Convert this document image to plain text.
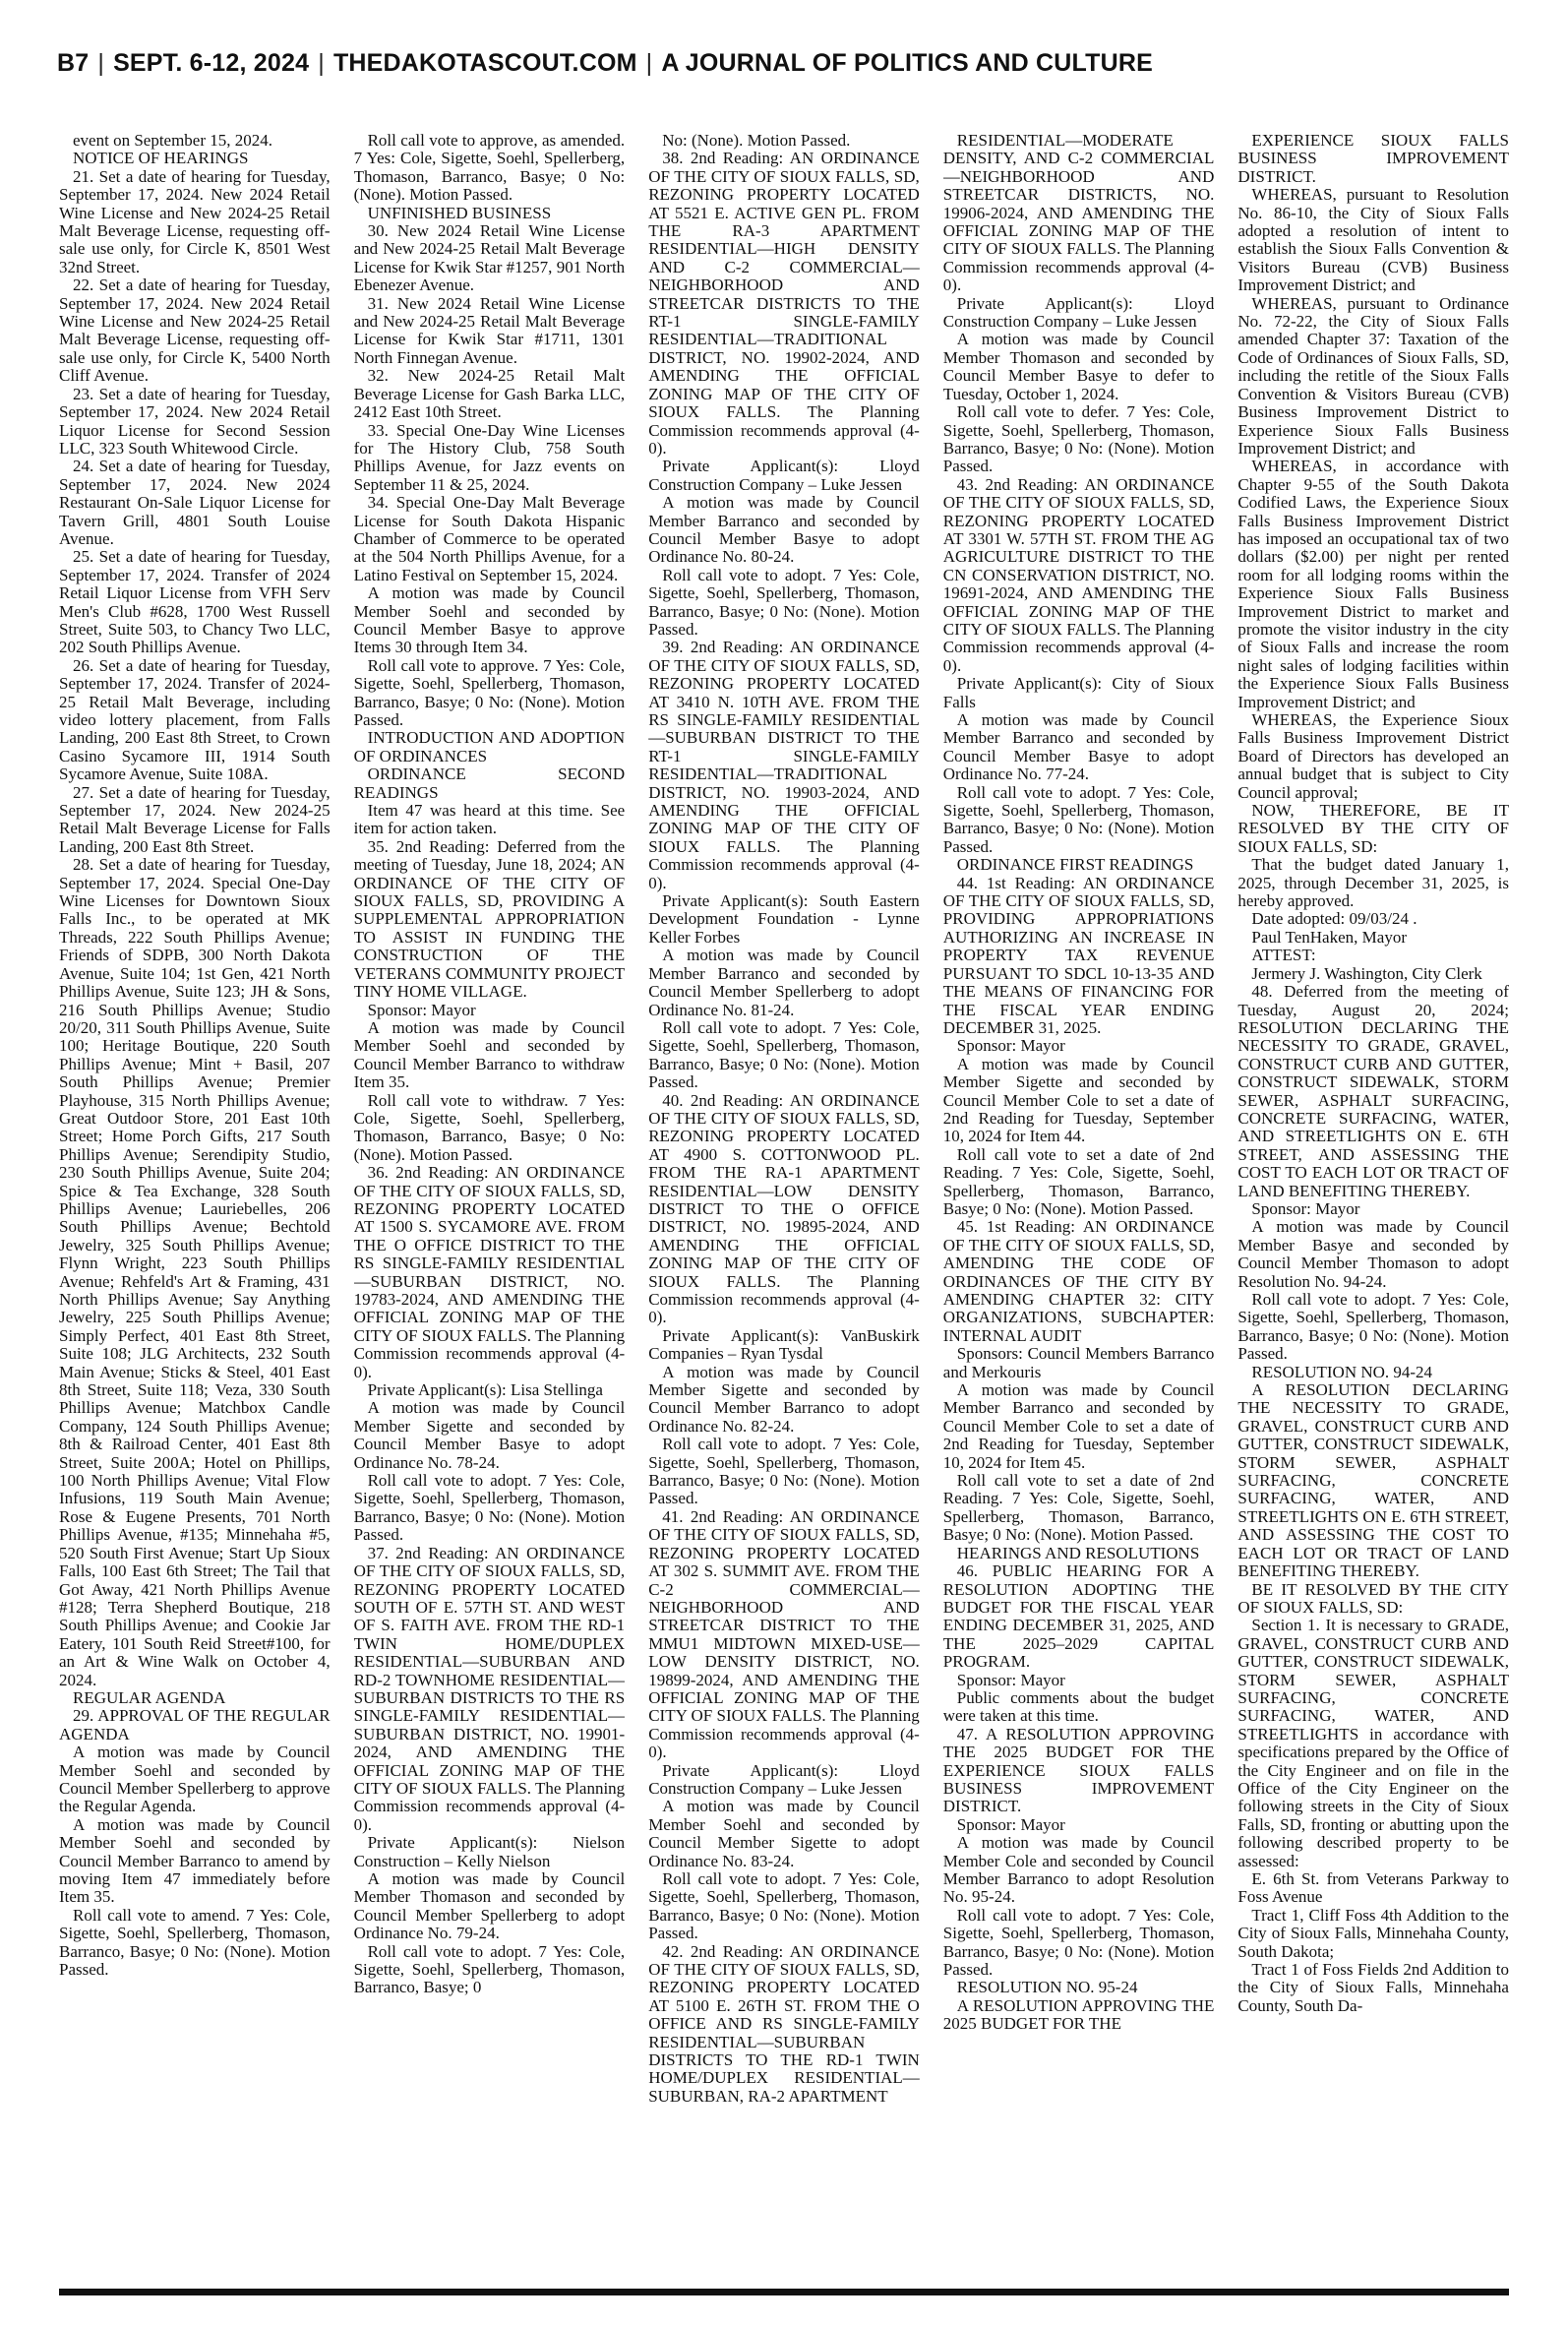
B7 | SEPT. 6-12, 2024 | THEDAKOTASCOUT.COM | A JOURNAL OF POLITICS AND CULTURE

event on September 15, 2024.

NOTICE OF HEARINGS

21. Set a date of hearing for Tuesday, September 17, 2024. New 2024 Retail Wine License and New 2024-25 Retail Malt Beverage License, requesting off-sale use only, for Circle K, 8501 West 32nd Street.

22. Set a date of hearing for Tuesday, September 17, 2024. New 2024 Retail Wine License and New 2024-25 Retail Malt Beverage License, requesting off-sale use only, for Circle K, 5400 North Cliff Avenue.

23. Set a date of hearing for Tuesday, September 17, 2024. New 2024 Retail Liquor License for Second Session LLC, 323 South Whitewood Circle.

24. Set a date of hearing for Tuesday, September 17, 2024. New 2024 Restaurant On-Sale Liquor License for Tavern Grill, 4801 South Louise Avenue.

25. Set a date of hearing for Tuesday, September 17, 2024. Transfer of 2024 Retail Liquor License from VFH Serv Men's Club #628, 1700 West Russell Street, Suite 503, to Chancy Two LLC, 202 South Phillips Avenue.

26. Set a date of hearing for Tuesday, September 17, 2024. Transfer of 2024-25 Retail Malt Beverage, including video lottery placement, from Falls Landing, 200 East 8th Street, to Crown Casino Sycamore III, 1914 South Sycamore Avenue, Suite 108A.

27. Set a date of hearing for Tuesday, September 17, 2024. New 2024-25 Retail Malt Beverage License for Falls Landing, 200 East 8th Street.

28. Set a date of hearing for Tuesday, September 17, 2024. Special One-Day Wine Licenses for Downtown Sioux Falls Inc., to be operated at MK Threads, 222 South Phillips Avenue; Friends of SDPB, 300 North Dakota Avenue, Suite 104; 1st Gen, 421 North Phillips Avenue, Suite 123; JH & Sons, 216 South Phillips Avenue; Studio 20/20, 311 South Phillips Avenue, Suite 100; Heritage Boutique, 220 South Phillips Avenue; Mint + Basil, 207 South Phillips Avenue; Premier Playhouse, 315 North Phillips Avenue; Great Outdoor Store, 201 East 10th Street; Home Porch Gifts, 217 South Phillips Avenue; Serendipity Studio, 230 South Phillips Avenue, Suite 204; Spice & Tea Exchange, 328 South Phillips Avenue; Lauriebelles, 206 South Phillips Avenue; Bechtold Jewelry, 325 South Phillips Avenue; Flynn Wright, 223 South Phillips Avenue; Rehfeld's Art & Framing, 431 North Phillips Avenue; Say Anything Jewelry, 225 South Phillips Avenue; Simply Perfect, 401 East 8th Street, Suite 108; JLG Architects, 232 South Main Avenue; Sticks & Steel, 401 East 8th Street, Suite 118; Veza, 330 South Phillips Avenue; Matchbox Candle Company, 124 South Phillips Avenue; 8th & Railroad Center, 401 East 8th Street, Suite 200A; Hotel on Phillips, 100 North Phillips Avenue; Vital Flow Infusions, 119 South Main Avenue; Rose & Eugene Presents, 701 North Phillips Avenue, #135; Minnehaha #5, 520 South First Avenue; Start Up Sioux Falls, 100 East 6th Street; The Tail that Got Away, 421 North Phillips Avenue #128; Terra Shepherd Boutique, 218 South Phillips Avenue; and Cookie Jar Eatery, 101 South Reid Street#100, for an Art & Wine Walk on October 4, 2024.

REGULAR AGENDA

29. APPROVAL OF THE REGULAR AGENDA

A motion was made by Council Member Soehl and seconded by Council Member Spellerberg to approve the Regular Agenda.

A motion was made by Council Member Soehl and seconded by Council Member Barranco to amend by moving Item 47 immediately before Item 35.

Roll call vote to amend. 7 Yes: Cole, Sigette, Soehl, Spellerberg, Thomason, Barranco, Basye; 0 No: (None). Motion Passed.

Roll call vote to approve, as amended. 7 Yes: Cole, Sigette, Soehl, Spellerberg, Thomason, Barranco, Basye; 0 No: (None). Motion Passed.

UNFINISHED BUSINESS

30. New 2024 Retail Wine License and New 2024-25 Retail Malt Beverage License for Kwik Star #1257, 901 North Ebenezer Avenue.

31. New 2024 Retail Wine License and New 2024-25 Retail Malt Beverage License for Kwik Star #1711, 1301 North Finnegan Avenue.

32. New 2024-25 Retail Malt Beverage License for Gash Barka LLC, 2412 East 10th Street.

33. Special One-Day Wine Licenses for The History Club, 758 South Phillips Avenue, for Jazz events on September 11 & 25, 2024.

34. Special One-Day Malt Beverage License for South Dakota Hispanic Chamber of Commerce to be operated at the 504 North Phillips Avenue, for a Latino Festival on September 15, 2024.

A motion was made by Council Member Soehl and seconded by Council Member Basye to approve Items 30 through Item 34.

Roll call vote to approve. 7 Yes: Cole, Sigette, Soehl, Spellerberg, Thomason, Barranco, Basye; 0 No: (None). Motion Passed.

INTRODUCTION AND ADOPTION OF ORDINANCES

ORDINANCE SECOND READINGS

Item 47 was heard at this time. See item for action taken.

35. 2nd Reading: Deferred from the meeting of Tuesday, June 18, 2024; AN ORDINANCE OF THE CITY OF SIOUX FALLS, SD, PROVIDING A SUPPLEMENTAL APPROPRIATION TO ASSIST IN FUNDING THE CONSTRUCTION OF THE VETERANS COMMUNITY PROJECT TINY HOME VILLAGE.

Sponsor: Mayor

A motion was made by Council Member Soehl and seconded by Council Member Barranco to withdraw Item 35.

Roll call vote to withdraw. 7 Yes: Cole, Sigette, Soehl, Spellerberg, Thomason, Barranco, Basye; 0 No: (None). Motion Passed.

36. 2nd Reading: AN ORDINANCE OF THE CITY OF SIOUX FALLS, SD, REZONING PROPERTY LOCATED AT 1500 S. SYCAMORE AVE. FROM THE O OFFICE DISTRICT TO THE RS SINGLE-FAMILY RESIDENTIAL—SUBURBAN DISTRICT, NO. 19783-2024, AND AMENDING THE OFFICIAL ZONING MAP OF THE CITY OF SIOUX FALLS. The Planning Commission recommends approval (4-0).

Private Applicant(s): Lisa Stellinga

A motion was made by Council Member Sigette and seconded by Council Member Basye to adopt Ordinance No. 78-24.

Roll call vote to adopt. 7 Yes: Cole, Sigette, Soehl, Spellerberg, Thomason, Barranco, Basye; 0 No: (None). Motion Passed.

37. 2nd Reading: AN ORDINANCE OF THE CITY OF SIOUX FALLS, SD, REZONING PROPERTY LOCATED SOUTH OF E. 57TH ST. AND WEST OF S. FAITH AVE. FROM THE RD-1 TWIN HOME/DUPLEX RESIDENTIAL—SUBURBAN AND RD-2 TOWNHOME RESIDENTIAL—SUBURBAN DISTRICTS TO THE RS SINGLE-FAMILY RESIDENTIAL—SUBURBAN DISTRICT, NO. 19901-2024, AND AMENDING THE OFFICIAL ZONING MAP OF THE CITY OF SIOUX FALLS. The Planning Commission recommends approval (4-0).

Private Applicant(s): Nielson Construction – Kelly Nielson

A motion was made by Council Member Thomason and seconded by Council Member Spellerberg to adopt Ordinance No. 79-24.

Roll call vote to adopt. 7 Yes: Cole, Sigette, Soehl, Spellerberg, Thomason, Barranco, Basye; 0

No: (None). Motion Passed.

38. 2nd Reading: AN ORDINANCE OF THE CITY OF SIOUX FALLS, SD, REZONING PROPERTY LOCATED AT 5521 E. ACTIVE GEN PL. FROM THE RA-3 APARTMENT RESIDENTIAL—HIGH DENSITY AND C-2 COMMERCIAL—NEIGHBORHOOD AND STREETCAR DISTRICTS TO THE RT-1 SINGLE-FAMILY RESIDENTIAL—TRADITIONAL DISTRICT, NO. 19902-2024, AND AMENDING THE OFFICIAL ZONING MAP OF THE CITY OF SIOUX FALLS. The Planning Commission recommends approval (4-0).

Private Applicant(s): Lloyd Construction Company – Luke Jessen

A motion was made by Council Member Barranco and seconded by Council Member Basye to adopt Ordinance No. 80-24.

Roll call vote to adopt. 7 Yes: Cole, Sigette, Soehl, Spellerberg, Thomason, Barranco, Basye; 0 No: (None). Motion Passed.

39. 2nd Reading: AN ORDINANCE OF THE CITY OF SIOUX FALLS, SD, REZONING PROPERTY LOCATED AT 3410 N. 10TH AVE. FROM THE RS SINGLE-FAMILY RESIDENTIAL—SUBURBAN DISTRICT TO THE RT-1 SINGLE-FAMILY RESIDENTIAL—TRADITIONAL DISTRICT, NO. 19903-2024, AND AMENDING THE OFFICIAL ZONING MAP OF THE CITY OF SIOUX FALLS. The Planning Commission recommends approval (4-0).

Private Applicant(s): South Eastern Development Foundation - Lynne Keller Forbes

A motion was made by Council Member Barranco and seconded by Council Member Spellerberg to adopt Ordinance No. 81-24.

Roll call vote to adopt. 7 Yes: Cole, Sigette, Soehl, Spellerberg, Thomason, Barranco, Basye; 0 No: (None). Motion Passed.

40. 2nd Reading: AN ORDINANCE OF THE CITY OF SIOUX FALLS, SD, REZONING PROPERTY LOCATED AT 4900 S. COTTONWOOD PL. FROM THE RA-1 APARTMENT RESIDENTIAL—LOW DENSITY DISTRICT TO THE O OFFICE DISTRICT, NO. 19895-2024, AND AMENDING THE OFFICIAL ZONING MAP OF THE CITY OF SIOUX FALLS. The Planning Commission recommends approval (4-0).

Private Applicant(s): VanBuskirk Companies – Ryan Tysdal

A motion was made by Council Member Sigette and seconded by Council Member Barranco to adopt Ordinance No. 82-24.

Roll call vote to adopt. 7 Yes: Cole, Sigette, Soehl, Spellerberg, Thomason, Barranco, Basye; 0 No: (None). Motion Passed.

41. 2nd Reading: AN ORDINANCE OF THE CITY OF SIOUX FALLS, SD, REZONING PROPERTY LOCATED AT 302 S. SUMMIT AVE. FROM THE C-2 COMMERCIAL—NEIGHBORHOOD AND STREETCAR DISTRICT TO THE MMU1 MIDTOWN MIXED-USE—LOW DENSITY DISTRICT, NO. 19899-2024, AND AMENDING THE OFFICIAL ZONING MAP OF THE CITY OF SIOUX FALLS. The Planning Commission recommends approval (4-0).

Private Applicant(s): Lloyd Construction Company – Luke Jessen

A motion was made by Council Member Soehl and seconded by Council Member Sigette to adopt Ordinance No. 83-24.

Roll call vote to adopt. 7 Yes: Cole, Sigette, Soehl, Spellerberg, Thomason, Barranco, Basye; 0 No: (None). Motion Passed.

42. 2nd Reading: AN ORDINANCE OF THE CITY OF SIOUX FALLS, SD, REZONING PROPERTY LOCATED AT 5100 E. 26TH ST. FROM THE O OFFICE AND RS SINGLE-FAMILY RESIDENTIAL—SUBURBAN DISTRICTS TO THE RD-1 TWIN HOME/DUPLEX RESIDENTIAL—SUBURBAN, RA-2 APARTMENT

RESIDENTIAL—MODERATE DENSITY, AND C-2 COMMERCIAL—NEIGHBORHOOD AND STREETCAR DISTRICTS, NO. 19906-2024, AND AMENDING THE OFFICIAL ZONING MAP OF THE CITY OF SIOUX FALLS. The Planning Commission recommends approval (4-0).

Private Applicant(s): Lloyd Construction Company – Luke Jessen

A motion was made by Council Member Thomason and seconded by Council Member Basye to defer to Tuesday, October 1, 2024.

Roll call vote to defer. 7 Yes: Cole, Sigette, Soehl, Spellerberg, Thomason, Barranco, Basye; 0 No: (None). Motion Passed.

43. 2nd Reading: AN ORDINANCE OF THE CITY OF SIOUX FALLS, SD, REZONING PROPERTY LOCATED AT 3301 W. 57TH ST. FROM THE AG AGRICULTURE DISTRICT TO THE CN CONSERVATION DISTRICT, NO. 19691-2024, AND AMENDING THE OFFICIAL ZONING MAP OF THE CITY OF SIOUX FALLS. The Planning Commission recommends approval (4-0).

Private Applicant(s): City of Sioux Falls

A motion was made by Council Member Barranco and seconded by Council Member Basye to adopt Ordinance No. 77-24.

Roll call vote to adopt. 7 Yes: Cole, Sigette, Soehl, Spellerberg, Thomason, Barranco, Basye; 0 No: (None). Motion Passed.

ORDINANCE FIRST READINGS

44. 1st Reading: AN ORDINANCE OF THE CITY OF SIOUX FALLS, SD, PROVIDING APPROPRIATIONS AUTHORIZING AN INCREASE IN PROPERTY TAX REVENUE PURSUANT TO SDCL 10-13-35 AND THE MEANS OF FINANCING FOR THE FISCAL YEAR ENDING DECEMBER 31, 2025.

Sponsor: Mayor

A motion was made by Council Member Sigette and seconded by Council Member Cole to set a date of 2nd Reading for Tuesday, September 10, 2024 for Item 44.

Roll call vote to set a date of 2nd Reading. 7 Yes: Cole, Sigette, Soehl, Spellerberg, Thomason, Barranco, Basye; 0 No: (None). Motion Passed.

45. 1st Reading: AN ORDINANCE OF THE CITY OF SIOUX FALLS, SD, AMENDING THE CODE OF ORDINANCES OF THE CITY BY AMENDING CHAPTER 32: CITY ORGANIZATIONS, SUBCHAPTER: INTERNAL AUDIT

Sponsors: Council Members Barranco and Merkouris

A motion was made by Council Member Barranco and seconded by Council Member Cole to set a date of 2nd Reading for Tuesday, September 10, 2024 for Item 45.

Roll call vote to set a date of 2nd Reading. 7 Yes: Cole, Sigette, Soehl, Spellerberg, Thomason, Barranco, Basye; 0 No: (None). Motion Passed.

HEARINGS AND RESOLUTIONS

46. PUBLIC HEARING FOR A RESOLUTION ADOPTING THE BUDGET FOR THE FISCAL YEAR ENDING DECEMBER 31, 2025, AND THE 2025–2029 CAPITAL PROGRAM.

Sponsor: Mayor

Public comments about the budget were taken at this time.

47. A RESOLUTION APPROVING THE 2025 BUDGET FOR THE EXPERIENCE SIOUX FALLS BUSINESS IMPROVEMENT DISTRICT.

Sponsor: Mayor

A motion was made by Council Member Cole and seconded by Council Member Barranco to adopt Resolution No. 95-24.

Roll call vote to adopt. 7 Yes: Cole, Sigette, Soehl, Spellerberg, Thomason, Barranco, Basye; 0 No: (None). Motion Passed.

RESOLUTION NO. 95-24

A RESOLUTION APPROVING THE 2025 BUDGET FOR THE

EXPERIENCE SIOUX FALLS BUSINESS IMPROVEMENT DISTRICT.

WHEREAS, pursuant to Resolution No. 86-10, the City of Sioux Falls adopted a resolution of intent to establish the Sioux Falls Convention & Visitors Bureau (CVB) Business Improvement District; and

WHEREAS, pursuant to Ordinance No. 72-22, the City of Sioux Falls amended Chapter 37: Taxation of the Code of Ordinances of Sioux Falls, SD, including the retitle of the Sioux Falls Convention & Visitors Bureau (CVB) Business Improvement District to Experience Sioux Falls Business Improvement District; and

WHEREAS, in accordance with Chapter 9-55 of the South Dakota Codified Laws, the Experience Sioux Falls Business Improvement District has imposed an occupational tax of two dollars ($2.00) per night per rented room for all lodging rooms within the Experience Sioux Falls Business Improvement District to market and promote the visitor industry in the city of Sioux Falls and increase the room night sales of lodging facilities within the Experience Sioux Falls Business Improvement District; and

WHEREAS, the Experience Sioux Falls Business Improvement District Board of Directors has developed an annual budget that is subject to City Council approval;

NOW, THEREFORE, BE IT RESOLVED BY THE CITY OF SIOUX FALLS, SD:

That the budget dated January 1, 2025, through December 31, 2025, is hereby approved.

Date adopted: 09/03/24 .

Paul TenHaken, Mayor

ATTEST:

Jermery J. Washington, City Clerk

48. Deferred from the meeting of Tuesday, August 20, 2024; RESOLUTION DECLARING THE NECESSITY TO GRADE, GRAVEL, CONSTRUCT CURB AND GUTTER, CONSTRUCT SIDEWALK, STORM SEWER, ASPHALT SURFACING, CONCRETE SURFACING, WATER, AND STREETLIGHTS ON E. 6TH STREET, AND ASSESSING THE COST TO EACH LOT OR TRACT OF LAND BENEFITING THEREBY.

Sponsor: Mayor

A motion was made by Council Member Basye and seconded by Council Member Thomason to adopt Resolution No. 94-24.

Roll call vote to adopt. 7 Yes: Cole, Sigette, Soehl, Spellerberg, Thomason, Barranco, Basye; 0 No: (None). Motion Passed.

RESOLUTION NO. 94-24

A RESOLUTION DECLARING THE NECESSITY TO GRADE, GRAVEL, CONSTRUCT CURB AND GUTTER, CONSTRUCT SIDEWALK, STORM SEWER, ASPHALT SURFACING, CONCRETE SURFACING, WATER, AND STREETLIGHTS ON E. 6TH STREET, AND ASSESSING THE COST TO EACH LOT OR TRACT OF LAND BENEFITING THEREBY.

BE IT RESOLVED BY THE CITY OF SIOUX FALLS, SD:

Section 1. It is necessary to GRADE, GRAVEL, CONSTRUCT CURB AND GUTTER, CONSTRUCT SIDEWALK, STORM SEWER, ASPHALT SURFACING, CONCRETE SURFACING, WATER, AND STREETLIGHTS in accordance with specifications prepared by the Office of the City Engineer and on file in the Office of the City Engineer on the following streets in the City of Sioux Falls, SD, fronting or abutting upon the following described property to be assessed:

E. 6th St. from Veterans Parkway to Foss Avenue

Tract 1, Cliff Foss 4th Addition to the City of Sioux Falls, Minnehaha County, South Dakota;

Tract 1 of Foss Fields 2nd Addition to the City of Sioux Falls, Minnehaha County, South Da-
